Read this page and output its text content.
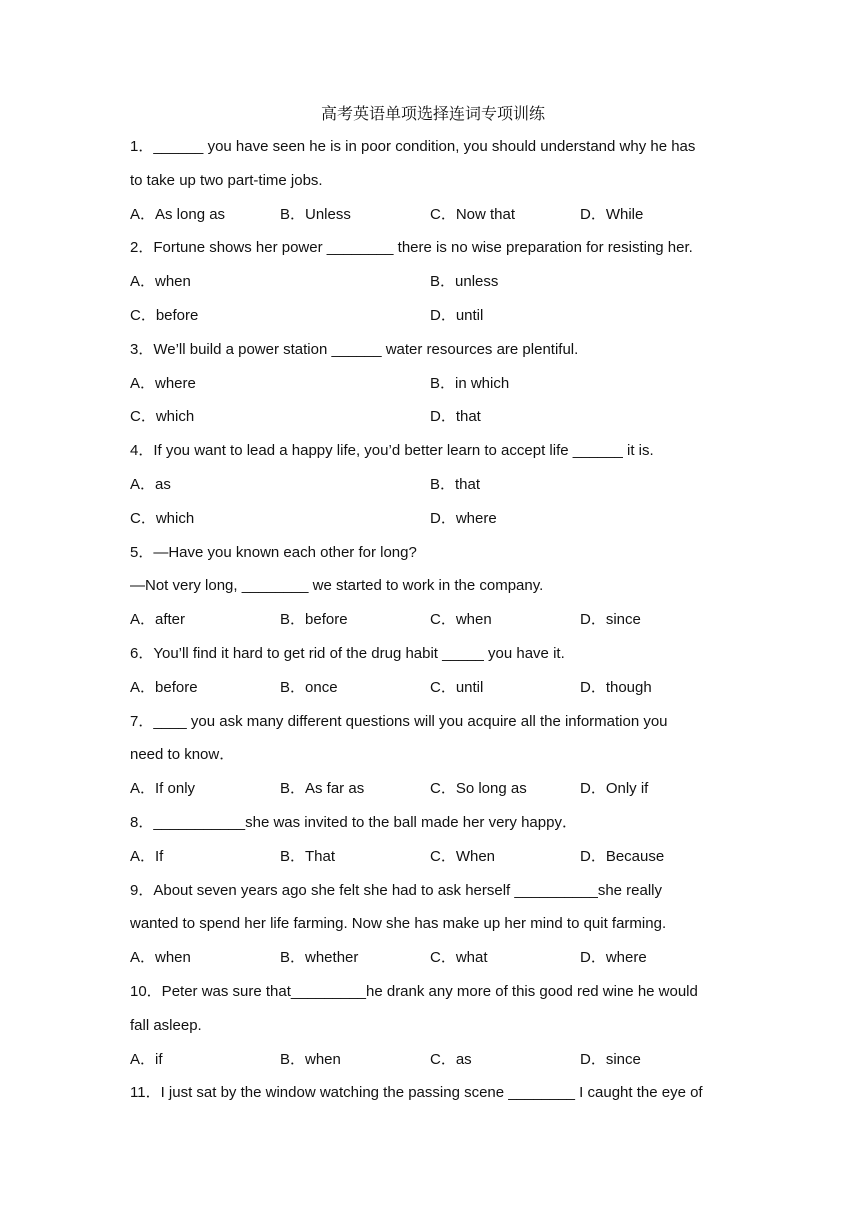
高考英语单项选择连词专项训练
1．______ you have seen he is in poor condition, you should understand why he has
to take up two part-time jobs.
A．As long as	B．Unless	C．Now that	D．While
2．Fortune shows her power ________ there is no wise preparation for resisting her.
A．when	B．unless
C．before	D．until
3．We’ll build a power station ______ water resources are plentiful.
A．where	B．in which
C．which	D．that
4．If you want to lead a happy life, you’d better learn to accept life ______ it is.
A．as	B．that
C．which	D．where
5．—Have you known each other for long?
—Not very long, ________ we started to work in the company.
A．after	B．before	C．when	D．since
6．You’ll find it hard to get rid of the drug habit _____ you have it.
A．before	B．once	C．until	D．though
7．____ you ask many different questions will you acquire all the information you
need to know．
A．If only	B．As far as	C．So long as	D．Only if
8．___________she was invited to the ball made her very happy．
A．If	B．That	C．When	D．Because
9．About seven years ago she felt she had to ask herself __________she really
wanted to spend her life farming. Now she has make up her mind to quit farming.
A．when	B．whether	C．what	D．where
10．Peter was sure that_________he drank any more of this good red wine he would
fall asleep.
A．if	B．when	C．as	D．since
11．I just sat by the window watching the passing scene ________ I caught the eye of
